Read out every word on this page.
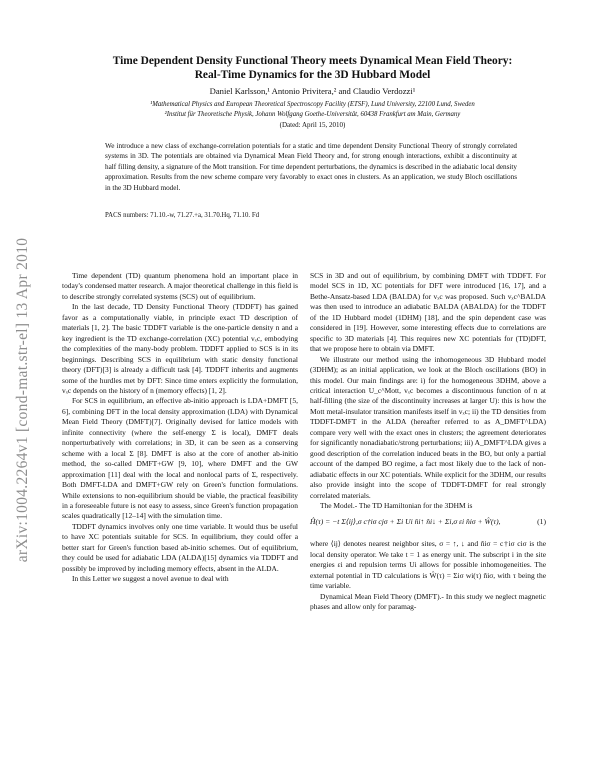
arXiv:1004.2264v1 [cond-mat.str-el] 13 Apr 2010
Time Dependent Density Functional Theory meets Dynamical Mean Field Theory:
Real-Time Dynamics for the 3D Hubbard Model
Daniel Karlsson,¹ Antonio Privitera,² and Claudio Verdozzi¹
¹Mathematical Physics and European Theoretical Spectroscopy Facility (ETSF), Lund University, 22100 Lund, Sweden
²Institut für Theoretische Physik, Johann Wolfgang Goethe-Universität, 60438 Frankfurt am Main, Germany
(Dated: April 15, 2010)
We introduce a new class of exchange-correlation potentials for a static and time dependent Density Functional Theory of strongly correlated systems in 3D. The potentials are obtained via Dynamical Mean Field Theory and, for strong enough interactions, exhibit a discontinuity at half filling density, a signature of the Mott transition. For time dependent perturbations, the dynamics is described in the adiabatic local density approximation. Results from the new scheme compare very favorably to exact ones in clusters. As an application, we study Bloch oscillations in the 3D Hubbard model.
PACS numbers: 71.10.-w, 71.27.+a, 31.70.Hq, 71.10. Fd

Time dependent (TD) quantum phenomena hold an important place in today's condensed matter research. A major theoretical challenge in this field is to describe strongly correlated systems (SCS) out of equilibrium.

In the last decade, TD Density Functional Theory (TDDFT) has gained favor as a computationally viable, in principle exact TD description of materials [1, 2]. The basic TDDFT variable is the one-particle density n and a key ingredient is the TD exchange-correlation (XC) potential vₓc, embodying the complexities of the many-body problem. TDDFT applied to SCS is in its beginnings. Describing SCS in equilibrium with static density functional theory (DFT)[3] is already a difficult task [4]. TDDFT inherits and augments some of the hurdles met by DFT: Since time enters explicitly the formulation, vₓc depends on the history of n (memory effects) [1, 2].

For SCS in equilibrium, an effective ab-initio approach is LDA+DMFT [5, 6], combining DFT in the local density approximation (LDA) with Dynamical Mean Field Theory (DMFT)[7]. Originally devised for lattice models with infinite connectivity (where the self-energy Σ is local), DMFT deals nonperturbatively with correlations; in 3D, it can be seen as a conserving scheme with a local Σ [8]. DMFT is also at the core of another ab-initio method, the so-called DMFT+GW [9, 10], where DMFT and the GW approximation [11] deal with the local and nonlocal parts of Σ, respectively. Both DMFT-LDA and DMFT+GW rely on Green's function formulations. While extensions to non-equilibrium should be viable, the practical feasibility in a foreseeable future is not easy to assess, since Green's function propagation scales quadratically [12–14] with the simulation time.

TDDFT dynamics involves only one time variable. It would thus be useful to have XC potentials suitable for SCS. In equilibrium, they could offer a better start for Green's function based ab-initio schemes. Out of equilibrium, they could be used for adiabatic LDA (ALDA)[15] dynamics via TDDFT and possibly be improved by including memory effects, absent in the ALDA.

In this Letter we suggest a novel avenue to deal with

SCS in 3D and out of equilibrium, by combining DMFT with TDDFT. For model SCS in 1D, XC potentials for DFT were introduced [16, 17], and a Bethe-Ansatz-based LDA (BALDA) for vₓc was proposed. Such vₓc^BALDA was then used to introduce an adiabatic BALDA (ABALDA) for the TDDFT of the 1D Hubbard model (1DHM) [18], and the spin dependent case was considered in [19]. However, some interesting effects due to correlations are specific to 3D materials [4]. This requires new XC potentials for (TD)DFT, that we propose here to obtain via DMFT.

We illustrate our method using the inhomogeneous 3D Hubbard model (3DHM); as an initial application, we look at the Bloch oscillations (BO) in this model. Our main findings are: i) for the homogeneous 3DHM, above a critical interaction U_c^Mott, vₓc becomes a discontinuous function of n at half-filling (the size of the discontinuity increases at larger U): this is how the Mott metal-insulator transition manifests itself in vₓc; ii) the TD densities from TDDFT-DMFT in the ALDA (hereafter referred to as A_DMFT^LDA) compare very well with the exact ones in clusters; the agreement deteriorates for significantly nonadiabatic/strong perturbations; iii) A_DMFT^LDA gives a good description of the correlation induced beats in the BO, but only a partial account of the damped BO regime, a fact most likely due to the lack of non-adiabatic effects in our XC potentials. While explicit for the 3DHM, our results also provide insight into the scope of TDDFT-DMFT for real strongly correlated materials.

The Model.- The TD Hamiltonian for the 3DHM is

Ĥ(τ) = −t Σ⟨ij⟩,σ c†iσ cjσ + Σi Ui n̂i↑ n̂i↓ + Σi,σ εi n̂iσ + Ŵ(τ),	(1)

where ⟨ij⟩ denotes nearest neighbor sites, σ = ↑, ↓ and n̂iσ = c†iσ ciσ is the local density operator. We take t = 1 as energy unit. The subscript i in the site energies εi and repulsion terms Ui allows for possible inhomogeneities. The external potential in TD calculations is Ŵ(τ) = Σiσ wi(τ) n̂iσ, with τ being the time variable.

Dynamical Mean Field Theory (DMFT).- In this study we neglect magnetic phases and allow only for paramag-
